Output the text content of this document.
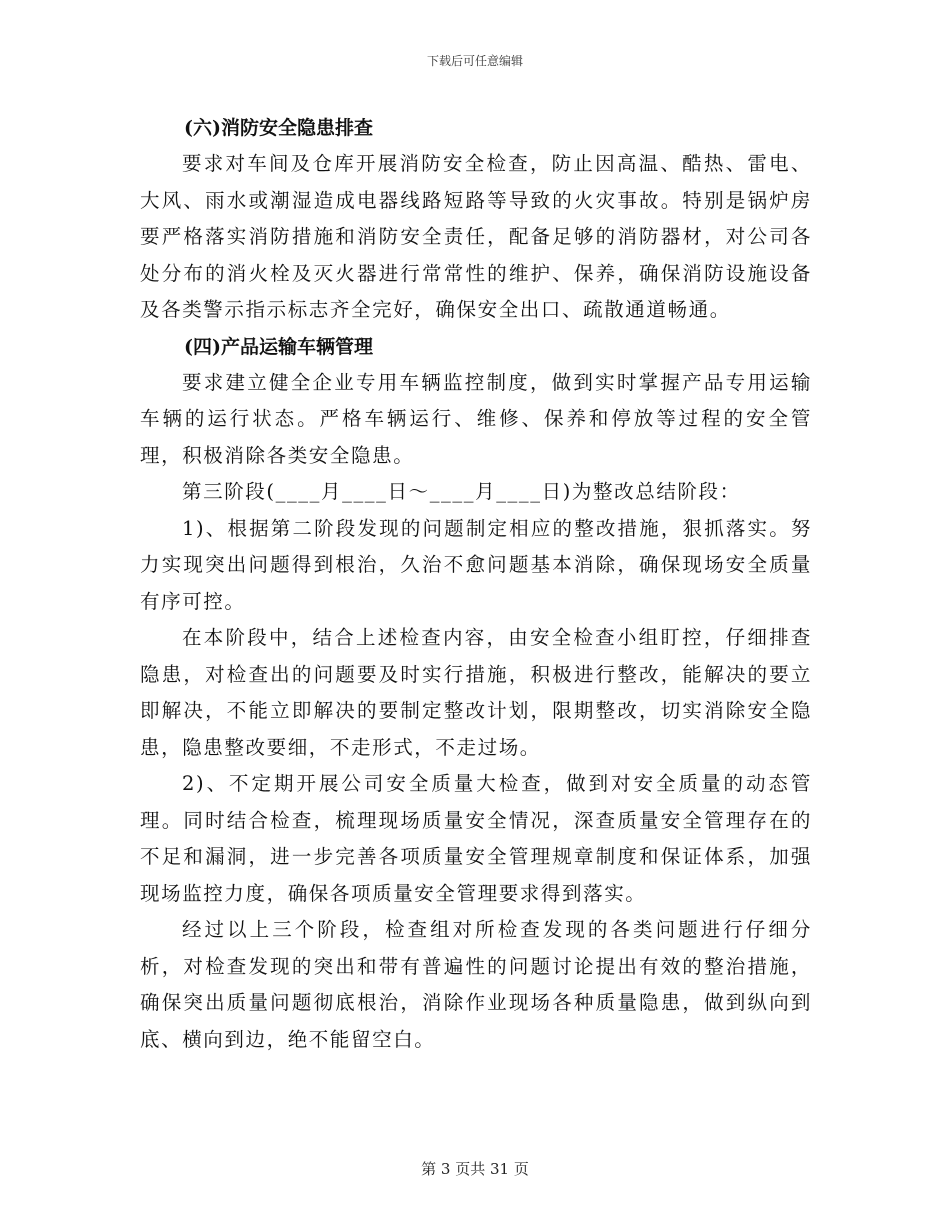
下载后可任意编辑
(六)消防安全隐患排查

要求对车间及仓库开展消防安全检查，防止因高温、酷热、雷电、大风、雨水或潮湿造成电器线路短路等导致的火灾事故。特别是锅炉房要严格落实消防措施和消防安全责任，配备足够的消防器材，对公司各处分布的消火栓及灭火器进行常常性的维护、保养，确保消防设施设备及各类警示指示标志齐全完好，确保安全出口、疏散通道畅通。

(四)产品运输车辆管理

要求建立健全企业专用车辆监控制度，做到实时掌握产品专用运输车辆的运行状态。严格车辆运行、维修、保养和停放等过程的安全管理，积极消除各类安全隐患。

第三阶段(____月____日～____月____日)为整改总结阶段：

1)、根据第二阶段发现的问题制定相应的整改措施，狠抓落实。努力实现突出问题得到根治，久治不愈问题基本消除，确保现场安全质量有序可控。

在本阶段中，结合上述检查内容，由安全检查小组盯控，仔细排查隐患，对检查出的问题要及时实行措施，积极进行整改，能解决的要立即解决，不能立即解决的要制定整改计划，限期整改，切实消除安全隐患，隐患整改要细，不走形式，不走过场。

2)、不定期开展公司安全质量大检查，做到对安全质量的动态管理。同时结合检查，梳理现场质量安全情况，深查质量安全管理存在的不足和漏洞，进一步完善各项质量安全管理规章制度和保证体系，加强现场监控力度，确保各项质量安全管理要求得到落实。

经过以上三个阶段，检查组对所检查发现的各类问题进行仔细分析，对检查发现的突出和带有普遍性的问题讨论提出有效的整治措施，确保突出质量问题彻底根治，消除作业现场各种质量隐患，做到纵向到底、横向到边，绝不能留空白。

第 3 页共 31 页
